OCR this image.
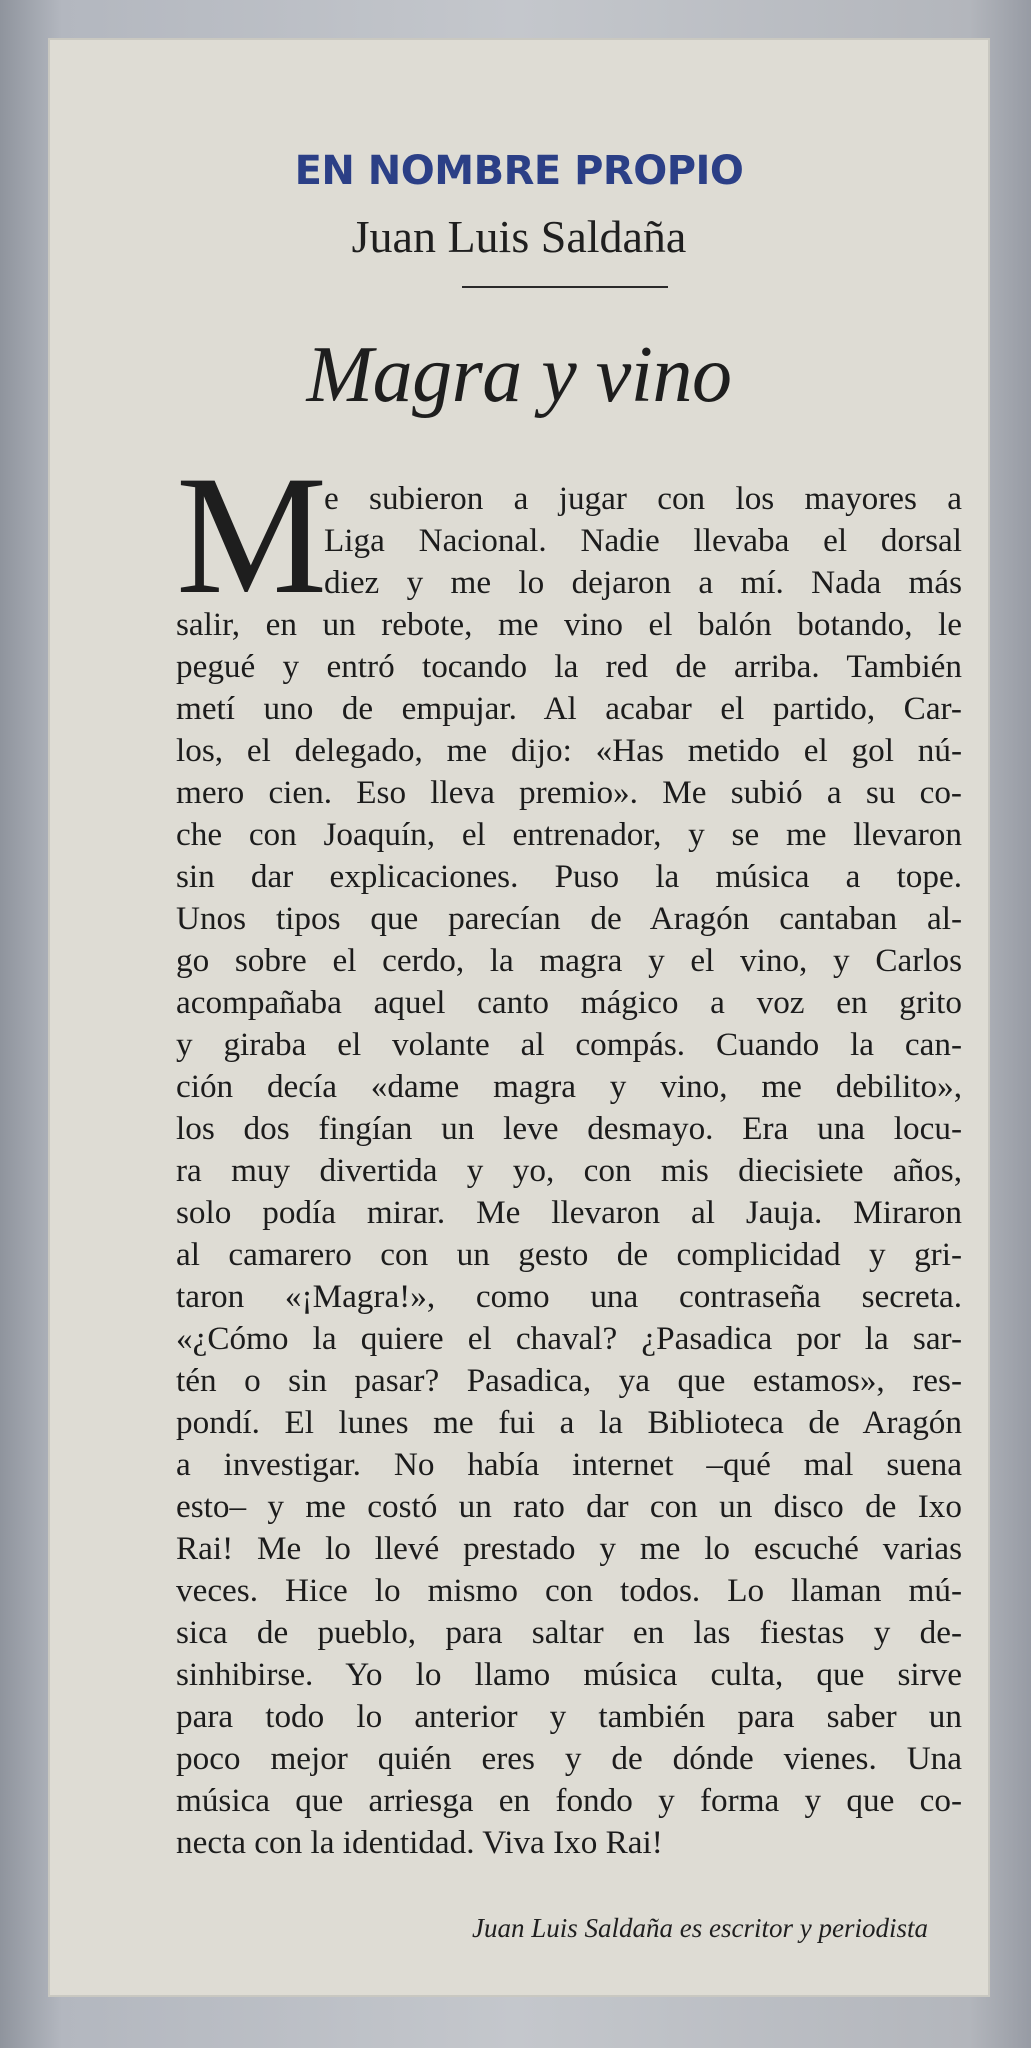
EN NOMBRE PROPIO
Juan Luis Saldaña
Magra y vino
M
e subieron a jugar con los mayores a
Liga Nacional. Nadie llevaba el dorsal
diez y me lo dejaron a mí. Nada más
salir, en un rebote, me vino el balón botando, le
pegué y entró tocando la red de arriba. También
metí uno de empujar. Al acabar el partido, Car-
los, el delegado, me dijo: «Has metido el gol nú-
mero cien. Eso lleva premio». Me subió a su co-
che con Joaquín, el entrenador, y se me llevaron
sin dar explicaciones. Puso la música a tope.
Unos tipos que parecían de Aragón cantaban al-
go sobre el cerdo, la magra y el vino, y Carlos
acompañaba aquel canto mágico a voz en grito
y giraba el volante al compás. Cuando la can-
ción decía «dame magra y vino, me debilito»,
los dos fingían un leve desmayo. Era una locu-
ra muy divertida y yo, con mis diecisiete años,
solo podía mirar. Me llevaron al Jauja. Miraron
al camarero con un gesto de complicidad y gri-
taron «¡Magra!», como una contraseña secreta.
«¿Cómo la quiere el chaval? ¿Pasadica por la sar-
tén o sin pasar? Pasadica, ya que estamos», res-
pondí. El lunes me fui a la Biblioteca de Aragón
a investigar. No había internet –qué mal suena
esto– y me costó un rato dar con un disco de Ixo
Rai! Me lo llevé prestado y me lo escuché varias
veces. Hice lo mismo con todos. Lo llaman mú-
sica de pueblo, para saltar en las fiestas y de-
sinhibirse. Yo lo llamo música culta, que sirve
para todo lo anterior y también para saber un
poco mejor quién eres y de dónde vienes. Una
música que arriesga en fondo y forma y que co-
necta con la identidad. Viva Ixo Rai!
Juan Luis Saldaña es escritor y periodista
